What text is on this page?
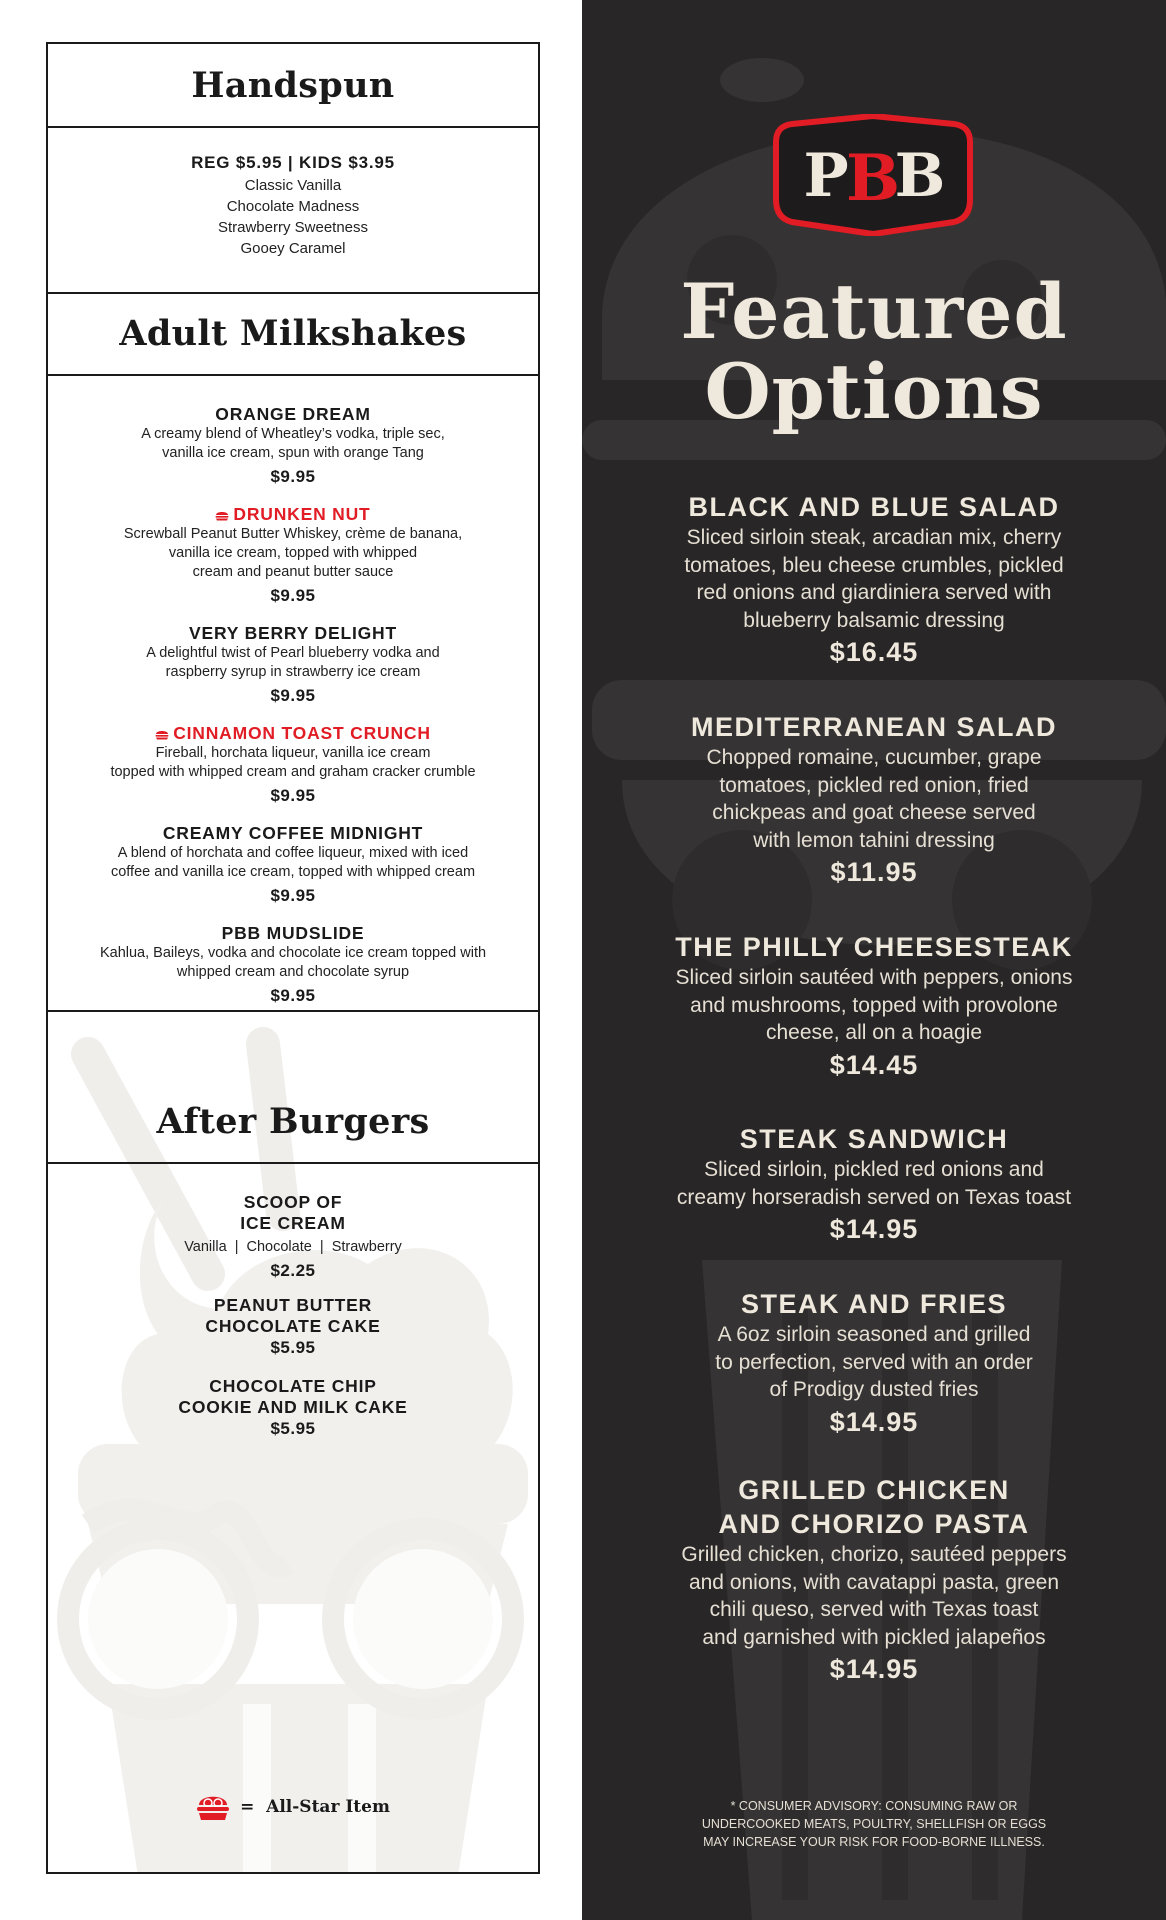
Handspun
REG $5.95 | KIDS $3.95
Classic Vanilla
Chocolate Madness
Strawberry Sweetness
Gooey Caramel
Adult Milkshakes
ORANGE DREAM
A creamy blend of Wheatley’s vodka, triple sec,
vanilla ice cream, spun with orange Tang
$9.95
DRUNKEN NUT
Screwball Peanut Butter Whiskey, crème de banana,
vanilla ice cream, topped with whipped
cream and peanut butter sauce
$9.95
VERY BERRY DELIGHT
A delightful twist of Pearl blueberry vodka and
raspberry syrup in strawberry ice cream
$9.95
CINNAMON TOAST CRUNCH
Fireball, horchata liqueur, vanilla ice cream
topped with whipped cream and graham cracker crumble
$9.95
CREAMY COFFEE MIDNIGHT
A blend of horchata and coffee liqueur, mixed with iced
coffee and vanilla ice cream, topped with whipped cream
$9.95
PBB MUDSLIDE
Kahlua, Baileys, vodka and chocolate ice cream topped with
whipped cream and chocolate syrup
$9.95
After Burgers
SCOOP OF
ICE CREAM
Vanilla  |  Chocolate  |  Strawberry
$2.25
PEANUT BUTTER
CHOCOLATE CAKE
$5.95
CHOCOLATE CHIP
COOKIE AND MILK CAKE
$5.95
=  All-Star Item
P
B
B
Featured
Options
BLACK AND BLUE SALAD
Sliced sirloin steak, arcadian mix, cherry
tomatoes, bleu cheese crumbles, pickled
red onions and giardiniera served with
blueberry balsamic dressing
$16.45
MEDITERRANEAN SALAD
Chopped romaine, cucumber, grape
tomatoes, pickled red onion, fried
chickpeas and goat cheese served
with lemon tahini dressing
$11.95
THE PHILLY CHEESESTEAK
Sliced sirloin sautéed with peppers, onions
and mushrooms, topped with provolone
cheese, all on a hoagie
$14.45
STEAK SANDWICH
Sliced sirloin, pickled red onions and
creamy horseradish served on Texas toast
$14.95
STEAK AND FRIES
A 6oz sirloin seasoned and grilled
to perfection, served with an order
of Prodigy dusted fries
$14.95
GRILLED CHICKEN
AND CHORIZO PASTA
Grilled chicken, chorizo, sautéed peppers
and onions, with cavatappi pasta, green
chili queso, served with Texas toast
and garnished with pickled jalapeños
$14.95
* CONSUMER ADVISORY: CONSUMING RAW OR
UNDERCOOKED MEATS, POULTRY, SHELLFISH OR EGGS
MAY INCREASE YOUR RISK FOR FOOD-BORNE ILLNESS.
